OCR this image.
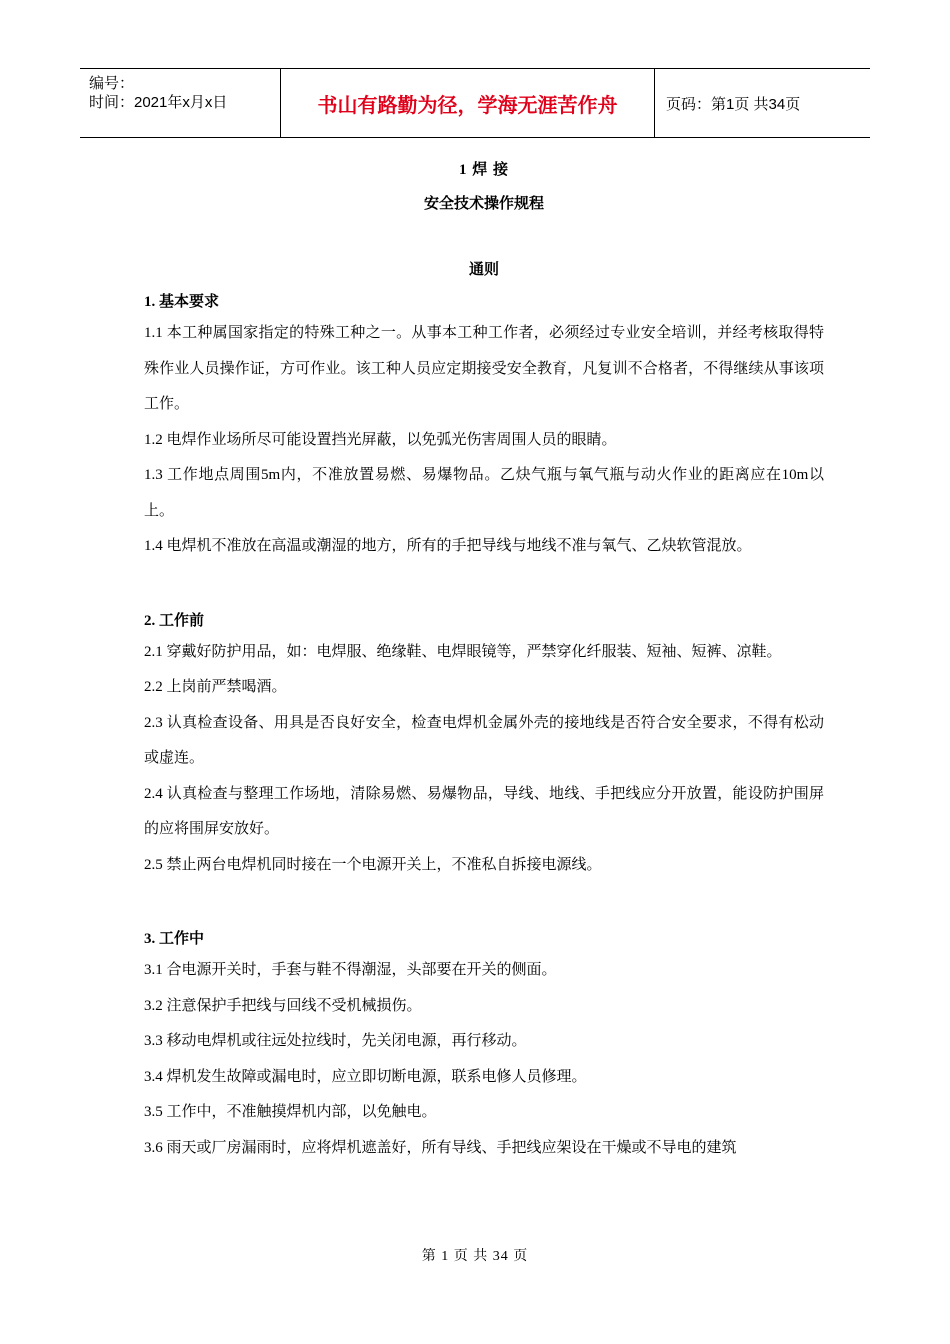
编号：
时间：2021年x月x日	书山有路勤为径，学海无涯苦作舟	页码：第1页 共34页
1 焊 接
安全技术操作规程
通则
1. 基本要求
1.1 本工种属国家指定的特殊工种之一。从事本工种工作者，必须经过专业安全培训，并经考核取得特殊作业人员操作证，方可作业。该工种人员应定期接受安全教育，凡复训不合格者，不得继续从事该项工作。
1.2 电焊作业场所尽可能设置挡光屏蔽，以免弧光伤害周围人员的眼睛。
1.3 工作地点周围5m内，不准放置易燃、易爆物品。乙炔气瓶与氧气瓶与动火作业的距离应在10m以上。
1.4 电焊机不准放在高温或潮湿的地方，所有的手把导线与地线不准与氧气、乙炔软管混放。
2. 工作前
2.1 穿戴好防护用品，如：电焊服、绝缘鞋、电焊眼镜等，严禁穿化纤服装、短袖、短裤、凉鞋。
2.2 上岗前严禁喝酒。
2.3 认真检查设备、用具是否良好安全，检查电焊机金属外壳的接地线是否符合安全要求，不得有松动或虚连。
2.4 认真检查与整理工作场地，清除易燃、易爆物品，导线、地线、手把线应分开放置，能设防护围屏的应将围屏安放好。
2.5 禁止两台电焊机同时接在一个电源开关上，不准私自拆接电源线。
3. 工作中
3.1 合电源开关时，手套与鞋不得潮湿，头部要在开关的侧面。
3.2 注意保护手把线与回线不受机械损伤。
3.3 移动电焊机或往远处拉线时，先关闭电源，再行移动。
3.4 焊机发生故障或漏电时，应立即切断电源，联系电修人员修理。
3.5 工作中，不准触摸焊机内部，以免触电。
3.6 雨天或厂房漏雨时，应将焊机遮盖好，所有导线、手把线应架设在干燥或不导电的建筑
第 1 页 共 34 页
